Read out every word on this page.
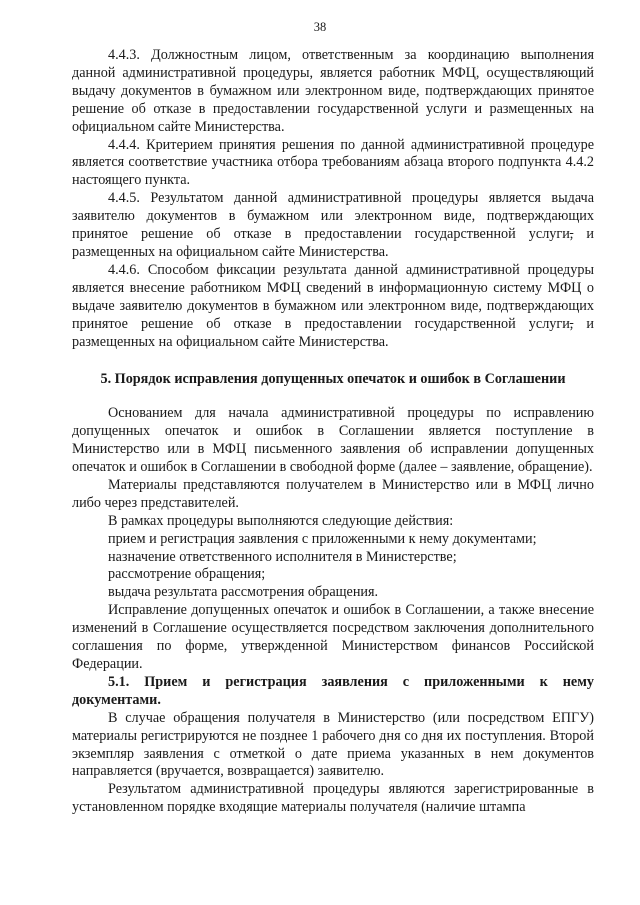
38

4.4.3. Должностным лицом, ответственным за координацию выполнения данной административной процедуры, является работник МФЦ, осуществляющий выдачу документов в бумажном или электронном виде, подтверждающих принятое решение об отказе в предоставлении государственной услуги и размещенных на официальном сайте Министерства.

4.4.4. Критерием принятия решения по данной административной процедуре является соответствие участника отбора требованиям абзаца второго подпункта 4.4.2 настоящего пункта.

4.4.5. Результатом данной административной процедуры является выдача заявителю документов в бумажном или электронном виде, подтверждающих принятое решение об отказе в предоставлении государственной услуги, и размещенных на официальном сайте Министерства.

4.4.6. Способом фиксации результата данной административной процедуры является внесение работником МФЦ сведений в информационную систему МФЦ о выдаче заявителю документов в бумажном или электронном виде, подтверждающих принятое решение об отказе в предоставлении государственной услуги, и размещенных на официальном сайте Министерства.

5. Порядок исправления допущенных опечаток и ошибок в Соглашении

Основанием для начала административной процедуры по исправлению допущенных опечаток и ошибок в Соглашении является поступление в Министерство или в МФЦ письменного заявления об исправлении допущенных опечаток и ошибок в Соглашении в свободной форме (далее – заявление, обращение).

Материалы представляются получателем в Министерство или в МФЦ лично либо через представителей.

В рамках процедуры выполняются следующие действия:

прием и регистрация заявления с приложенными к нему документами;

назначение ответственного исполнителя в Министерстве;

рассмотрение обращения;

выдача результата рассмотрения обращения.

Исправление допущенных опечаток и ошибок в Соглашении, а также внесение изменений в Соглашение осуществляется посредством заключения дополнительного соглашения по форме, утвержденной Министерством финансов Российской Федерации.

5.1. Прием и регистрация заявления с приложенными к нему документами.

В случае обращения получателя в Министерство (или посредством ЕПГУ) материалы регистрируются не позднее 1 рабочего дня со дня их поступления. Второй экземпляр заявления с отметкой о дате приема указанных в нем документов направляется (вручается, возвращается) заявителю.

Результатом административной процедуры являются зарегистрированные в установленном порядке входящие материалы получателя (наличие штампа
